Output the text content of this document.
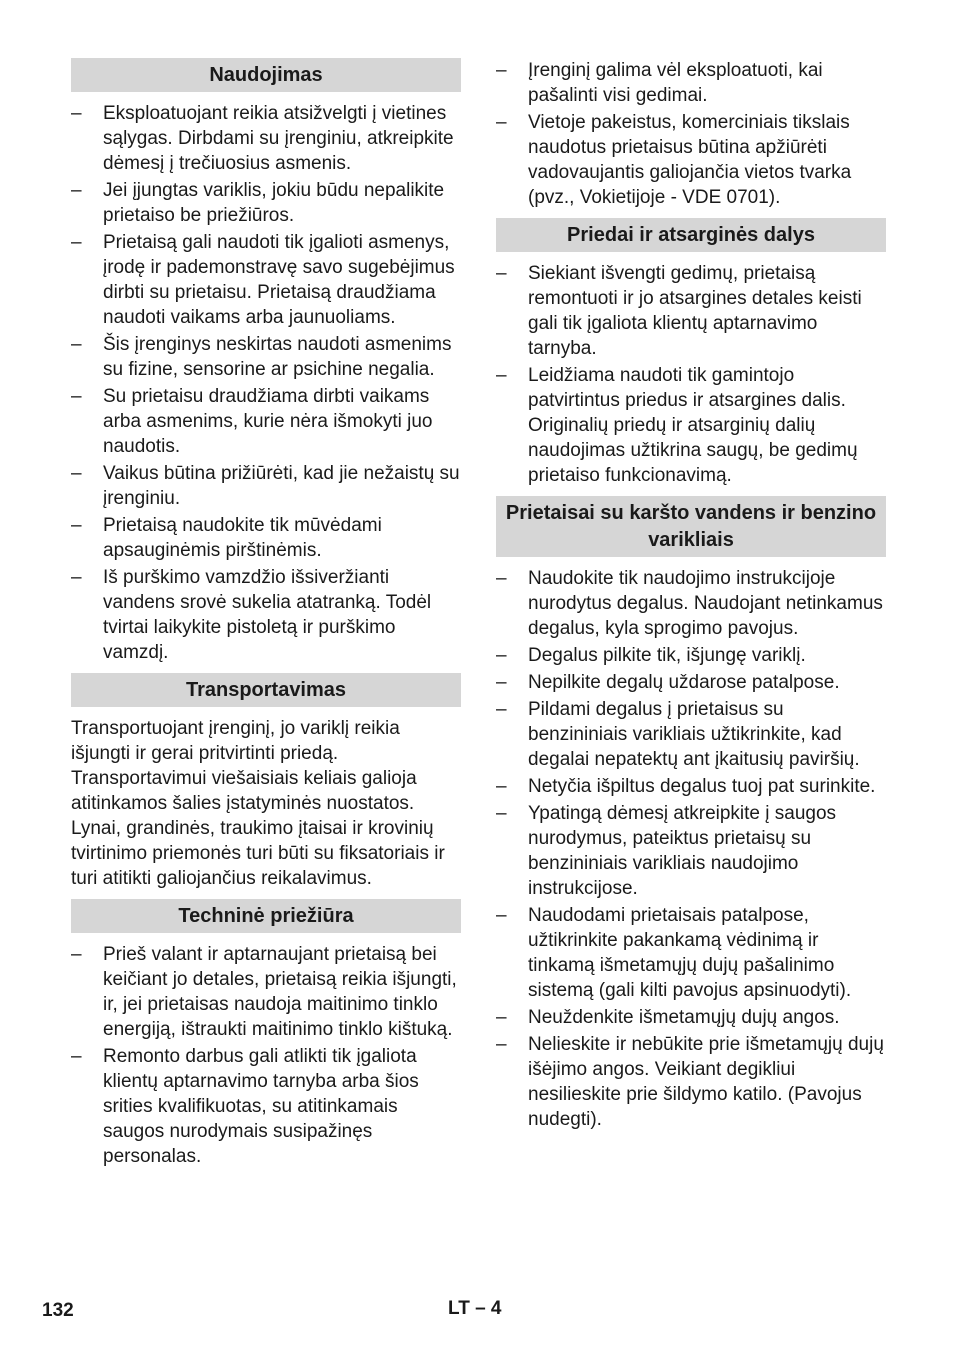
Naudojimas
–	Eksploatuojant reikia atsižvelgti į vietines sąlygas. Dirbdami su įrenginiu, atkreipkite dėmesį į trečiuosius asmenis.
–	Jei įjungtas variklis, jokiu būdu nepalikite prietaiso be priežiūros.
–	Prietaisą gali naudoti tik įgalioti asmenys, įrodę ir pademonstravę savo sugebėjimus dirbti su prietaisu. Prietaisą draudžiama naudoti vaikams arba jaunuoliams.
–	Šis įrenginys neskirtas naudoti asmenims su fizine, sensorine ar psichine negalia.
–	Su prietaisu draudžiama dirbti vaikams arba asmenims, kurie nėra išmokyti juo naudotis.
–	Vaikus būtina prižiūrėti, kad jie nežaistų su įrenginiu.
–	Prietaisą naudokite tik mūvėdami apsauginėmis pirštinėmis.
–	Iš purškimo vamzdžio išsiveržianti vandens srovė sukelia atatranką. Todėl tvirtai laikykite pistoletą ir purškimo vamzdį.
Transportavimas

Transportuojant įrenginį, jo variklį reikia išjungti ir gerai pritvirtinti priedą. Transportavimui viešaisiais keliais galioja atitinkamos šalies įstatyminės nuostatos. Lynai, grandinės, traukimo įtaisai ir krovinių tvirtinimo priemonės turi būti su fiksatoriais ir turi atitikti galiojančius reikalavimus.

Techninė priežiūra
–	Prieš valant ir aptarnaujant prietaisą bei keičiant jo detales, prietaisą reikia išjungti, ir, jei prietaisas naudoja maitinimo tinklo energiją, ištraukti maitinimo tinklo kištuką.
–	Remonto darbus gali atlikti tik įgaliota klientų aptarnavimo tarnyba arba šios srities kvalifikuotas, su atitinkamais saugos nurodymais susipažinęs personalas.
–	Įrenginį galima vėl eksploatuoti, kai pašalinti visi gedimai.
–	Vietoje pakeistus, komerciniais tikslais naudotus prietaisus būtina apžiūrėti vadovaujantis galiojančia vietos tvarka (pvz., Vokietijoje - VDE 0701).
Priedai ir atsarginės dalys
–	Siekiant išvengti gedimų, prietaisą remontuoti ir jo atsargines detales keisti gali tik įgaliota klientų aptarnavimo tarnyba.
–	Leidžiama naudoti tik gamintojo patvirtintus priedus ir atsargines dalis. Originalių priedų ir atsarginių dalių naudojimas užtikrina saugų, be gedimų prietaiso funkcionavimą.
Prietaisai su karšto vandens ir benzino varikliais
–	Naudokite tik naudojimo instrukcijoje nurodytus degalus. Naudojant netinkamus degalus, kyla sprogimo pavojus.
–	Degalus pilkite tik, išjungę variklį.
–	Nepilkite degalų uždarose patalpose.
–	Pildami degalus į prietaisus su benzininiais varikliais užtikrinkite, kad degalai nepatektų ant įkaitusių paviršių.
–	Netyčia išpiltus degalus tuoj pat surinkite.
–	Ypatingą dėmesį atkreipkite į saugos nurodymus, pateiktus prietaisų su benzininiais varikliais naudojimo instrukcijose.
–	Naudodami prietaisais patalpose, užtikrinkite pakankamą vėdinimą ir tinkamą išmetamųjų dujų pašalinimo sistemą (gali kilti pavojus apsinuodyti).
–	Neuždenkite išmetamųjų dujų angos.
–	Nelieskite ir nebūkite prie išmetamųjų dujų išėjimo angos. Veikiant degikliui nesilieskite prie šildymo katilo. (Pavojus nudegti).
132	LT – 4
